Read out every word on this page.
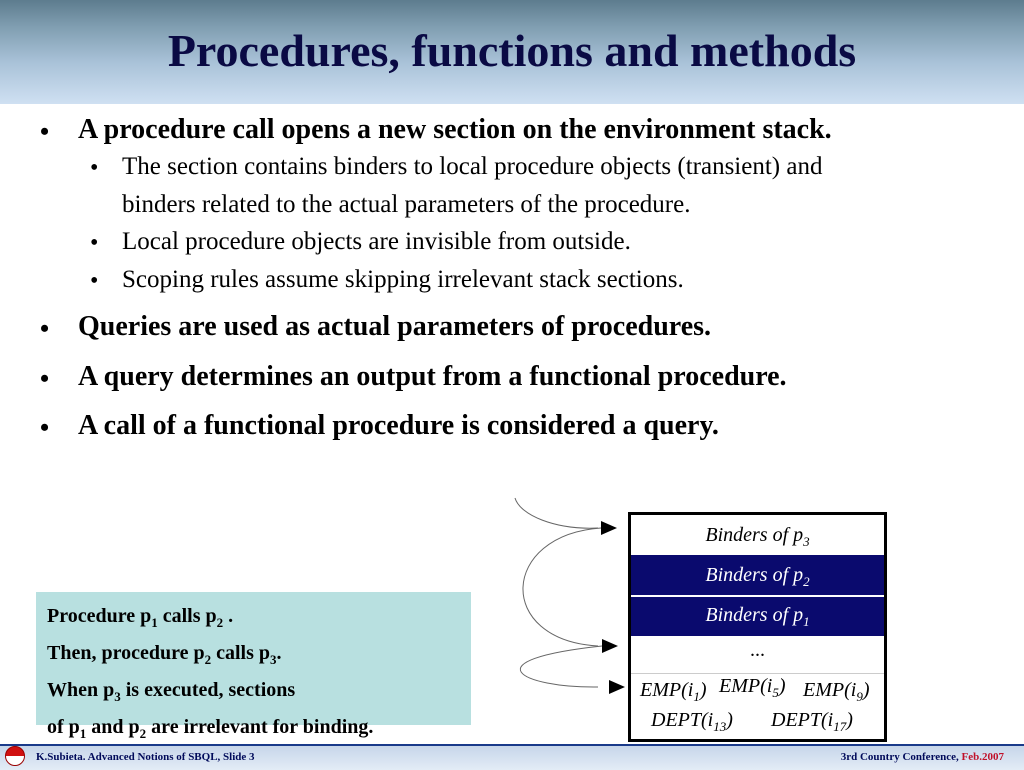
Procedures, functions and methods
• A procedure call opens a new section on the environment stack.
• The section contains binders to local procedure objects (transient) and
binders related to the actual parameters of the procedure.
• Local procedure objects are invisible from outside.
• Scoping rules assume skipping irrelevant stack sections.
• Queries are used as actual parameters of procedures.
• A query determines an output from a functional procedure.
• A call of a functional procedure is considered a query.
Procedure $p_1$ calls $p_2$ .
Then, procedure $p_2$ calls $p_3$.
When $p_3$ is executed, sections
of $p_1$ and $p_2$ are irrelevant for binding.
Binders of $p_3$
Binders of $p_2$
Binders of $p_1$
...
$EMP(i_1)$ $EMP(i_5)$ $EMP(i_9)$
$DEPT(i_{13})$ $DEPT(i_{17})$
K.Subieta. Advanced Notions of SBQL, Slide 3	3rd Country Conference, Feb.2007
